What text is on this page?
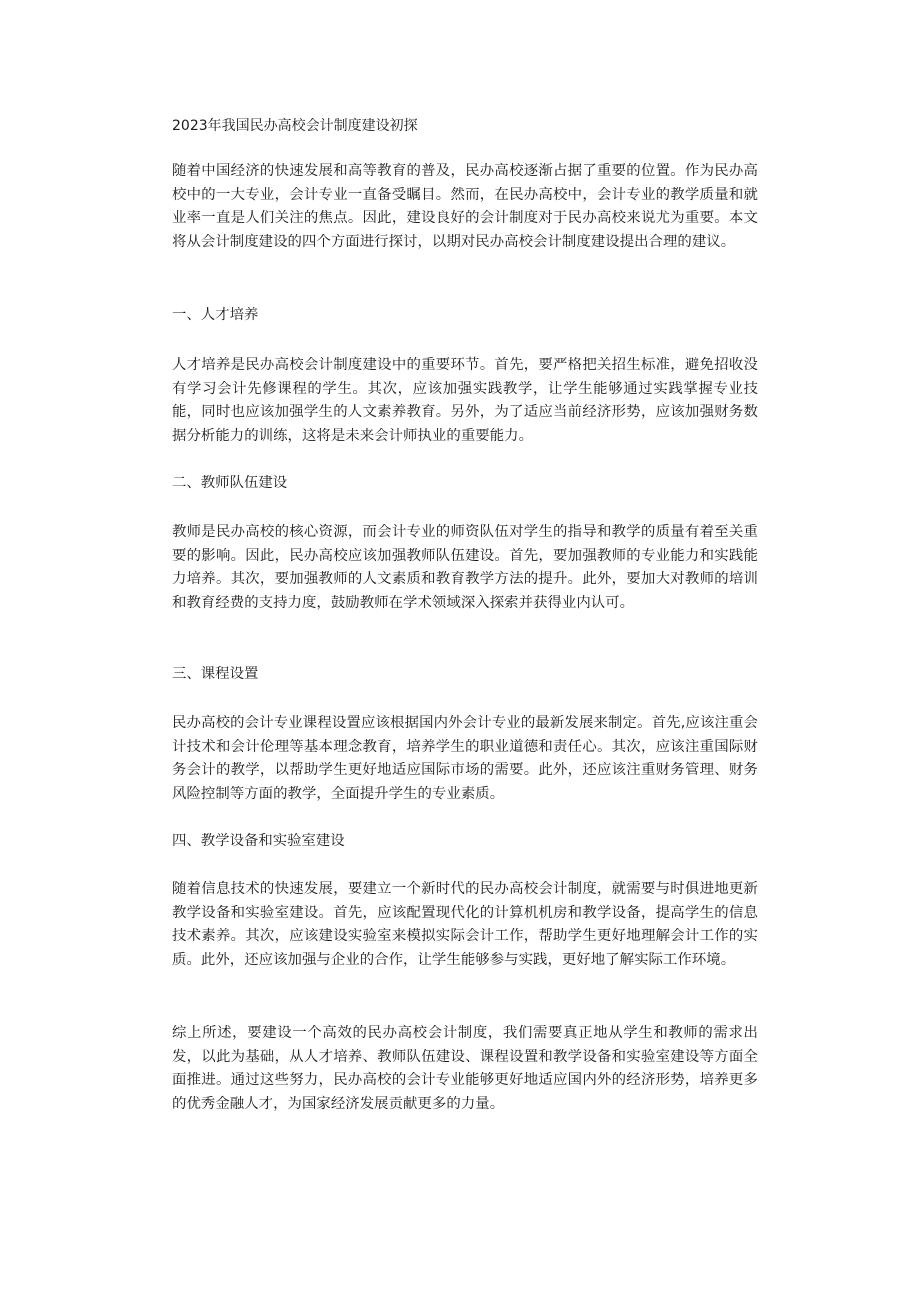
2023年我国民办高校会计制度建设初探

随着中国经济的快速发展和高等教育的普及，民办高校逐渐占据了重要的位置。作为民办高校中的一大专业，会计专业一直备受瞩目。然而，在民办高校中，会计专业的教学质量和就业率一直是人们关注的焦点。因此，建设良好的会计制度对于民办高校来说尤为重要。本文将从会计制度建设的四个方面进行探讨，以期对民办高校会计制度建设提出合理的建议。

一、人才培养

人才培养是民办高校会计制度建设中的重要环节。首先，要严格把关招生标准，避免招收没有学习会计先修课程的学生。其次，应该加强实践教学，让学生能够通过实践掌握专业技能，同时也应该加强学生的人文素养教育。另外，为了适应当前经济形势，应该加强财务数据分析能力的训练，这将是未来会计师执业的重要能力。

二、教师队伍建设

教师是民办高校的核心资源，而会计专业的师资队伍对学生的指导和教学的质量有着至关重要的影响。因此，民办高校应该加强教师队伍建设。首先，要加强教师的专业能力和实践能力培养。其次，要加强教师的人文素质和教育教学方法的提升。此外，要加大对教师的培训和教育经费的支持力度，鼓励教师在学术领域深入探索并获得业内认可。

三、课程设置

民办高校的会计专业课程设置应该根据国内外会计专业的最新发展来制定。首先,应该注重会计技术和会计伦理等基本理念教育，培养学生的职业道德和责任心。其次，应该注重国际财务会计的教学，以帮助学生更好地适应国际市场的需要。此外，还应该注重财务管理、财务风险控制等方面的教学，全面提升学生的专业素质。

四、教学设备和实验室建设

随着信息技术的快速发展，要建立一个新时代的民办高校会计制度，就需要与时俱进地更新教学设备和实验室建设。首先，应该配置现代化的计算机机房和教学设备，提高学生的信息技术素养。其次，应该建设实验室来模拟实际会计工作，帮助学生更好地理解会计工作的实质。此外，还应该加强与企业的合作，让学生能够参与实践，更好地了解实际工作环境。

综上所述，要建设一个高效的民办高校会计制度，我们需要真正地从学生和教师的需求出发，以此为基础，从人才培养、教师队伍建设、课程设置和教学设备和实验室建设等方面全面推进。通过这些努力，民办高校的会计专业能够更好地适应国内外的经济形势，培养更多的优秀金融人才，为国家经济发展贡献更多的力量。
